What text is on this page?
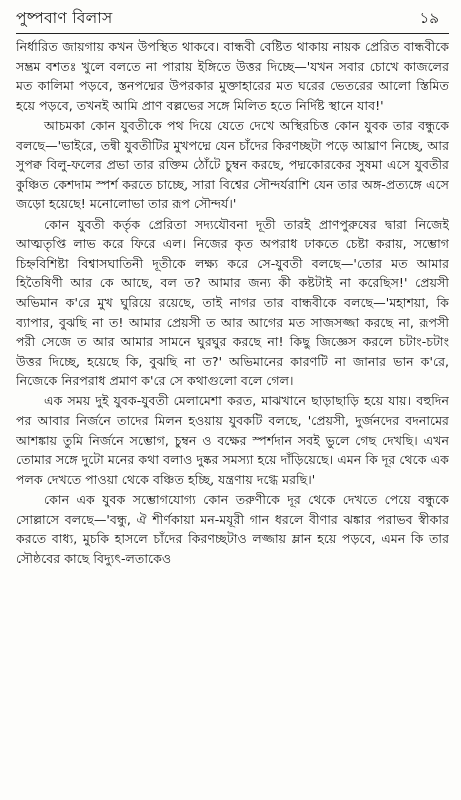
পুষ্পবাণ বিলাস	১৯

নির্ধারিত জায়গায় কখন উপস্থিত থাকবে। বান্ধবী বেষ্টিত থাকায় নায়ক প্রেরিত বান্ধবীকে সম্ভ্রম বশতঃ খুলে বলতে না পারায় ইঙ্গিতে উত্তর দিচ্ছে—'যখন সবার চোখে কাজলের মত কালিমা পড়বে, স্তনপদ্মের উপরকার মুক্তাহারের মত ঘরের ভেতরের আলো স্তিমিত হয়ে পড়বে, তখনই আমি প্রাণ বল্লভের সঙ্গে মিলিত হতে নির্দিষ্ট স্থানে যাব!'

আচমকা কোন যুবতীকে পথ দিয়ে যেতে দেখে অস্থিরচিত্ত কোন যুবক তার বন্ধুকে বলছে—'ভাইরে, তন্বী যুবতীটির মুখপদ্মে যেন চাঁদের কিরণচ্ছটা পড়ে আঘ্রাণ নিচ্ছে, আর সুপক্ব বিলু-ফলের প্রভা তার রক্তিম ঠোঁটে চুম্বন করছে, পদ্মকোরকের সুষমা এসে যুবতীর কুঞ্চিত কেশদাম স্পর্শ করতে চাচ্ছে, সারা বিশ্বের সৌন্দর্যরাশি যেন তার অঙ্গ-প্রত্যঙ্গে এসে জড়ো হয়েছে! মনোলোভা তার রূপ সৌন্দর্য।'

কোন যুবতী কর্তৃক প্রেরিতা সদ্যযৌবনা দূতী তারই প্রাণপুরুষের দ্বারা নিজেই আত্মতৃপ্তি লাভ করে ফিরে এল। নিজের কৃত অপরাধ ঢাকতে চেষ্টা করায়, সম্ভোগ চিহ্নবিশিষ্টা বিশ্বাসঘাতিনী দূতীকে লক্ষ্য করে সে-যুবতী বলছে—'তোর মত আমার হিতৈষিণী আর কে আছে, বল ত? আমার জন্য কী কষ্টটাই না করেছিস!' প্রেয়সী অভিমান ক'রে মুখ ঘুরিয়ে রয়েছে, তাই নাগর তার বান্ধবীকে বলছে—'মহাশয়া, কি ব্যাপার, বুঝছি না ত! আমার প্রেয়সী ত আর আগের মত সাজসজ্জা করছে না, রূপসী পরী সেজে ত আর আমার সামনে ঘুরঘুর করছে না! কিছু জিজ্ঞেস করলে চটাং-চটাং উত্তর দিচ্ছে, হয়েছে কি, বুঝছি না ত?' অভিমানের কারণটি না জানার ভান ক'রে, নিজেকে নিরপরাধ প্রমাণ ক'রে সে কথাগুলো বলে গেল।

এক সময় দুই যুবক-যুবতী মেলামেশা করত, মাঝখানে ছাড়াছাড়ি হয়ে যায়। বহুদিন পর আবার নির্জনে তাদের মিলন হওয়ায় যুবকটি বলছে, 'প্রেয়সী, দুর্জনদের বদনামের আশঙ্কায় তুমি নির্জনে সম্ভোগ, চুম্বন ও বক্ষের স্পর্শদান সবই ভুলে গেছ দেখছি। এখন তোমার সঙ্গে দুটো মনের কথা বলাও দুষ্কর সমস্যা হয়ে দাঁড়িয়েছে। এমন কি দূর থেকে এক পলক দেখতে পাওয়া থেকে বঞ্চিত হচ্ছি, যন্ত্রণায় দগ্ধে মরছি।'

কোন এক যুবক সম্ভোগযোগ্য কোন তরুণীকে দূর থেকে দেখতে পেয়ে বন্ধুকে সোল্লাসে বলছে—'বন্ধু, ঐ শীর্ণকায়া মন-মযূরী গান ধরলে বীণার ঝঙ্কার পরাভব স্বীকার করতে বাধ্য, মুচকি হাসলে চাঁদের কিরণচ্ছটাও লজ্জায় ম্লান হয়ে পড়বে, এমন কি তার সৌষ্ঠবের কাছে বিদ্যুৎ-লতাকেও
